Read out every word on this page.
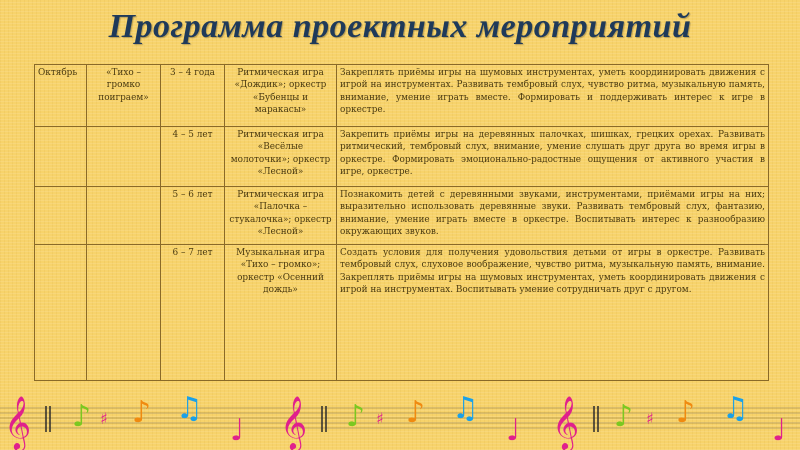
Программа проектных мероприятий
Октябрь	«Тихо – громко поиграем»	3 – 4 года	Ритмическая игра «Дождик»; оркестр «Бубенцы и маракасы»	Закреплять приёмы игры на шумовых инструментах, уметь координировать движения с игрой на инструментах. Развивать тембровый слух, чувство ритма, музыкальную память, внимание, умение играть вместе. Формировать и поддерживать интерес к игре в оркестре.
		4 – 5 лет	Ритмическая игра «Весёлые молоточки»; оркестр «Лесной»	Закрепить приёмы игры на деревянных палочках, шишках, грецких орехах. Развивать ритмический, тембровый слух, внимание, умение слушать друг друга во время игры в оркестре. Формировать эмоционально-радостные ощущения от активного участия в игре, оркестре.
		5 – 6 лет	Ритмическая игра «Палочка – стукалочка»; оркестр «Лесной»	Познакомить детей с деревянными звуками, инструментами, приёмами игры на них; выразительно использовать деревянные звуки. Развивать тембровый слух, фантазию, внимание, умение играть вместе в оркестре. Воспитывать интерес к разнообразию окружающих звуков.
		6 – 7 лет	Музыкальная игра «Тихо – громко»; оркестр «Осенний дождь»	Создать условия для получения удовольствия детьми от игры в оркестре. Развивать тембровый слух, слуховое воображение, чувство ритма, музыкальную память, внимание. Закреплять приёмы игры на шумовых инструментах, уметь координировать движения с игрой на инструментах. Воспитывать умение сотрудничать друг с другом.
𝄞	𝄞	𝄞
♪ ♯ ♪ ♫
♩	♪ ♯ ♪ ♫
♩	♪ ♯ ♪ ♫
♩
